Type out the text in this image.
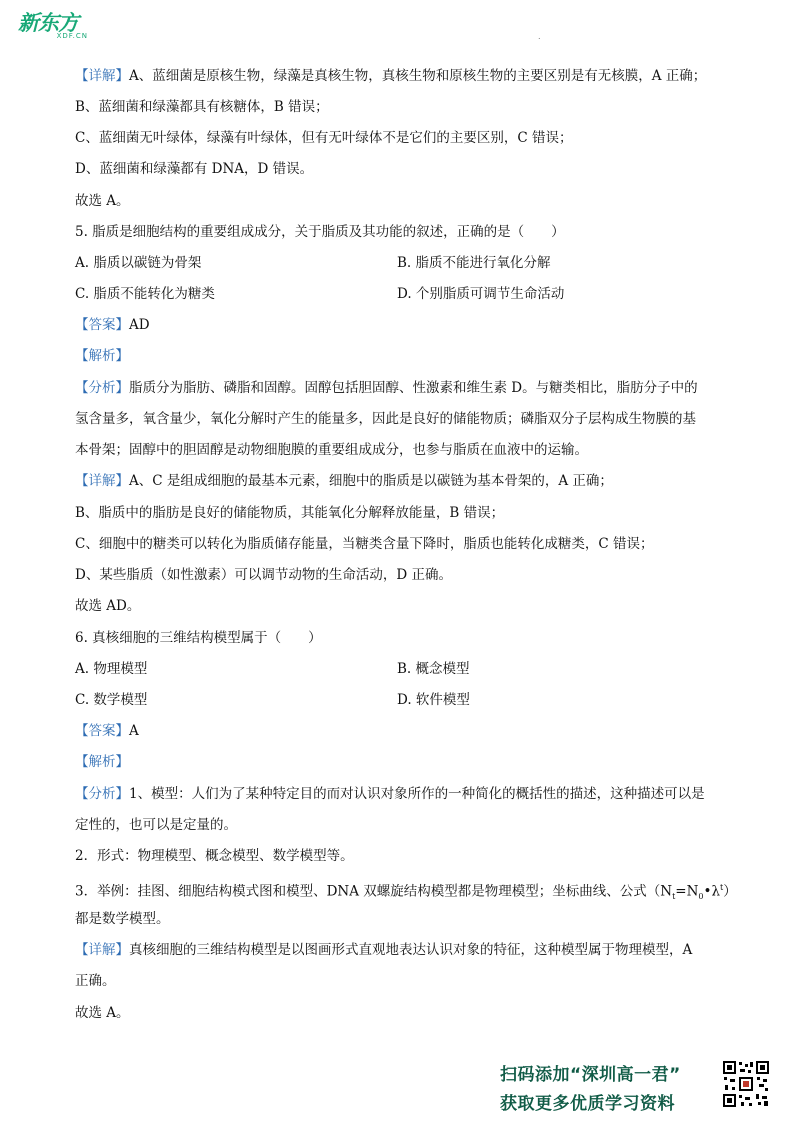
新东方
XDF.CN	.
【详解】A、蓝细菌是原核生物，绿藻是真核生物，真核生物和原核生物的主要区别是有无核膜，A 正确；
B、蓝细菌和绿藻都具有核糖体，B 错误；
C、蓝细菌无叶绿体，绿藻有叶绿体，但有无叶绿体不是它们的主要区别，C 错误；
D、蓝细菌和绿藻都有 DNA，D 错误。
故选 A。
5. 脂质是细胞结构的重要组成成分，关于脂质及其功能的叙述，正确的是（　　）
A. 脂质以碳链为骨架	B. 脂质不能进行氧化分解
C. 脂质不能转化为糖类	D. 个别脂质可调节生命活动
【答案】AD
【解析】
【分析】脂质分为脂肪、磷脂和固醇。固醇包括胆固醇、性激素和维生素 D。与糖类相比，脂肪分子中的
氢含量多，氧含量少，氧化分解时产生的能量多，因此是良好的储能物质；磷脂双分子层构成生物膜的基
本骨架；固醇中的胆固醇是动物细胞膜的重要组成成分，也参与脂质在血液中的运输。
【详解】A、C 是组成细胞的最基本元素，细胞中的脂质是以碳链为基本骨架的，A 正确；
B、脂质中的脂肪是良好的储能物质，其能氧化分解释放能量，B 错误；
C、细胞中的糖类可以转化为脂质储存能量，当糖类含量下降时，脂质也能转化成糖类，C 错误；
D、某些脂质（如性激素）可以调节动物的生命活动，D 正确。
故选 AD。
6. 真核细胞的三维结构模型属于（　　）
A. 物理模型	B. 概念模型
C. 数学模型	D. 软件模型
【答案】A
【解析】
【分析】1、模型：人们为了某种特定目的而对认识对象所作的一种简化的概括性的描述，这种描述可以是
定性的，也可以是定量的。
2．形式：物理模型、概念模型、数学模型等。
3．举例：挂图、细胞结构模式图和模型、DNA 双螺旋结构模型都是物理模型；坐标曲线、公式$(N_t=N_0•\lambda^t)$
都是数学模型。
【详解】真核细胞的三维结构模型是以图画形式直观地表达认识对象的特征，这种模型属于物理模型，A
正确。
故选 A。
扫码添加“深圳高一君”
获取更多优质学习资料
